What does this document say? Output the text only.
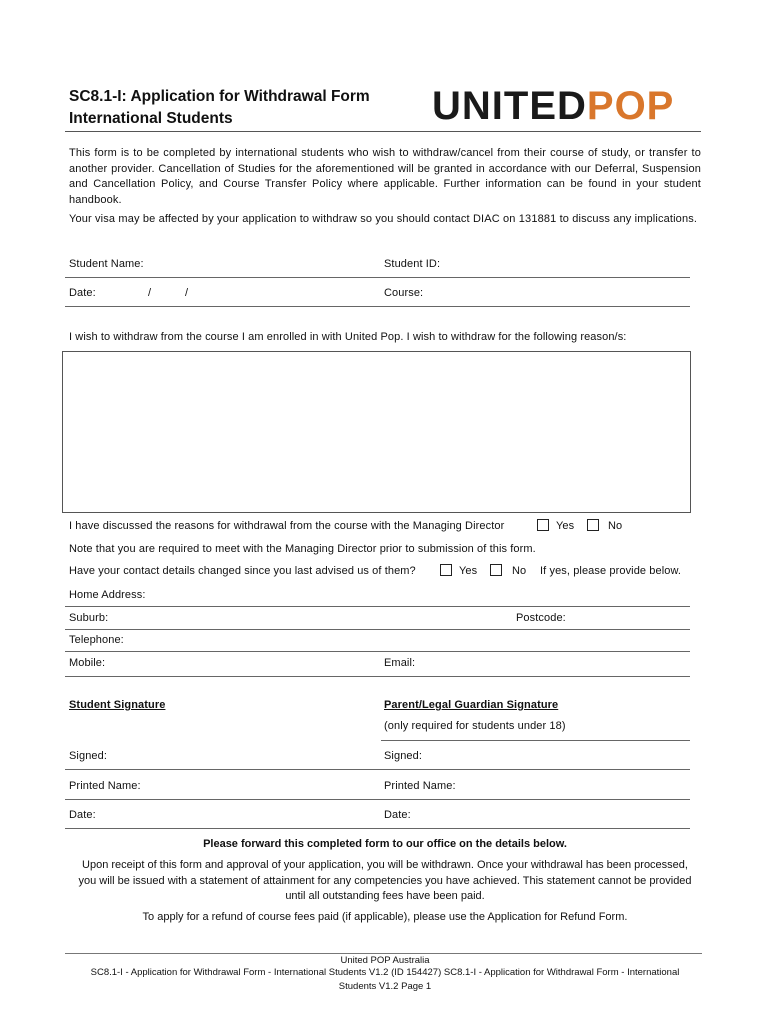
SC8.1-I: Application for Withdrawal Form
International Students	UNITEDPOP
This form is to be completed by international students who wish to withdraw/cancel from their course of study, or transfer to another provider. Cancellation of Studies for the aforementioned will be granted in accordance with our Deferral, Suspension and Cancellation Policy, and Course Transfer Policy where applicable. Further information can be found in your student handbook.
Your visa may be affected by your application to withdraw so you should contact DIAC on 131881 to discuss any implications.
Student Name:	Student ID:
Date:	/	/	Course:
I wish to withdraw from the course I am enrolled in with United Pop. I wish to withdraw for the following reason/s:
I have discussed the reasons for withdrawal from the course with the Managing Director	Yes	No
Note that you are required to meet with the Managing Director prior to submission of this form.
Have your contact details changed since you last advised us of them?	Yes	No If yes, please provide below.
Home Address:
Suburb:	Postcode:
Telephone:
Mobile:	Email:
Student Signature	Parent/Legal Guardian Signature
(only required for students under 18)
Signed:	Signed:
Printed Name:	Printed Name:
Date:	Date:
Please forward this completed form to our office on the details below.
Upon receipt of this form and approval of your application, you will be withdrawn. Once your withdrawal has been processed, you will be issued with a statement of attainment for any competencies you have achieved. This statement cannot be provided until all outstanding fees have been paid.
To apply for a refund of course fees paid (if applicable), please use the Application for Refund Form.
United POP Australia
SC8.1-I - Application for Withdrawal Form - International Students V1.2 (ID 154427) SC8.1-I - Application for Withdrawal Form - International Students V1.2 Page 1
